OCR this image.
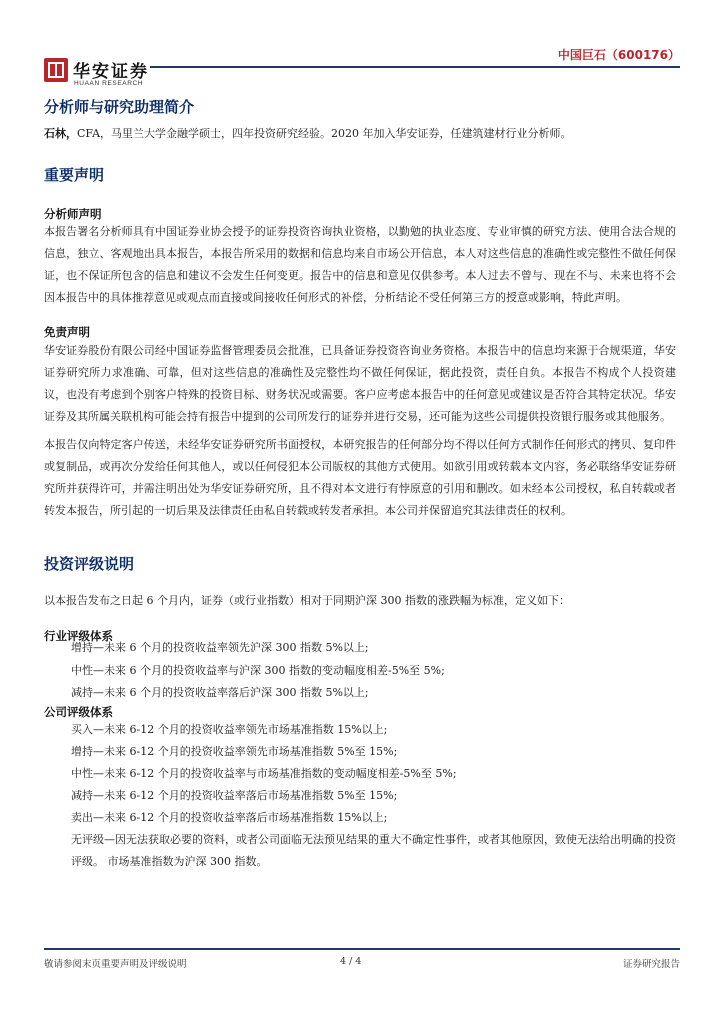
华安证券
HUAAN RESEARCH
中国巨石（600176）
分析师与研究助理简介

石林，CFA，马里兰大学金融学硕士，四年投资研究经验。2020 年加入华安证券，任建筑建材行业分析师。

重要声明
分析师声明

本报告署名分析师具有中国证券业协会授予的证券投资咨询执业资格，以勤勉的执业态度、专业审慎的研究方法、使用合法合规的信息，独立、客观地出具本报告，本报告所采用的数据和信息均来自市场公开信息，本人对这些信息的准确性或完整性不做任何保证，也不保证所包含的信息和建议不会发生任何变更。报告中的信息和意见仅供参考。本人过去不曾与、现在不与、未来也将不会因本报告中的具体推荐意见或观点而直接或间接收任何形式的补偿，分析结论不受任何第三方的授意或影响，特此声明。

免责声明

华安证券股份有限公司经中国证券监督管理委员会批准，已具备证券投资咨询业务资格。本报告中的信息均来源于合规渠道，华安证券研究所力求准确、可靠，但对这些信息的准确性及完整性均不做任何保证，据此投资，责任自负。本报告不构成个人投资建议，也没有考虑到个别客户特殊的投资目标、财务状况或需要。客户应考虑本报告中的任何意见或建议是否符合其特定状况。华安证券及其所属关联机构可能会持有报告中提到的公司所发行的证券并进行交易，还可能为这些公司提供投资银行服务或其他服务。

本报告仅向特定客户传送，未经华安证券研究所书面授权，本研究报告的任何部分均不得以任何方式制作任何形式的拷贝、复印件或复制品，或再次分发给任何其他人，或以任何侵犯本公司版权的其他方式使用。如欲引用或转载本文内容，务必联络华安证券研究所并获得许可，并需注明出处为华安证券研究所，且不得对本文进行有悖原意的引用和删改。如未经本公司授权，私自转载或者转发本报告，所引起的一切后果及法律责任由私自转载或转发者承担。本公司并保留追究其法律责任的权利。

投资评级说明

以本报告发布之日起 6 个月内，证券（或行业指数）相对于同期沪深 300 指数的涨跌幅为标准，定义如下：

行业评级体系

增持—未来 6 个月的投资收益率领先沪深 300 指数 5%以上;

中性—未来 6 个月的投资收益率与沪深 300 指数的变动幅度相差-5%至 5%;

减持—未来 6 个月的投资收益率落后沪深 300 指数 5%以上;

公司评级体系

买入—未来 6-12 个月的投资收益率领先市场基准指数 15%以上;

增持—未来 6-12 个月的投资收益率领先市场基准指数 5%至 15%;

中性—未来 6-12 个月的投资收益率与市场基准指数的变动幅度相差-5%至 5%;

减持—未来 6-12 个月的投资收益率落后市场基准指数 5%至 15%;

卖出—未来 6-12 个月的投资收益率落后市场基准指数 15%以上;

无评级—因无法获取必要的资料，或者公司面临无法预见结果的重大不确定性事件，或者其他原因，致使无法给出明确的投资评级。 市场基准指数为沪深 300 指数。

敬请参阅末页重要声明及评级说明	4 / 4	证券研究报告
